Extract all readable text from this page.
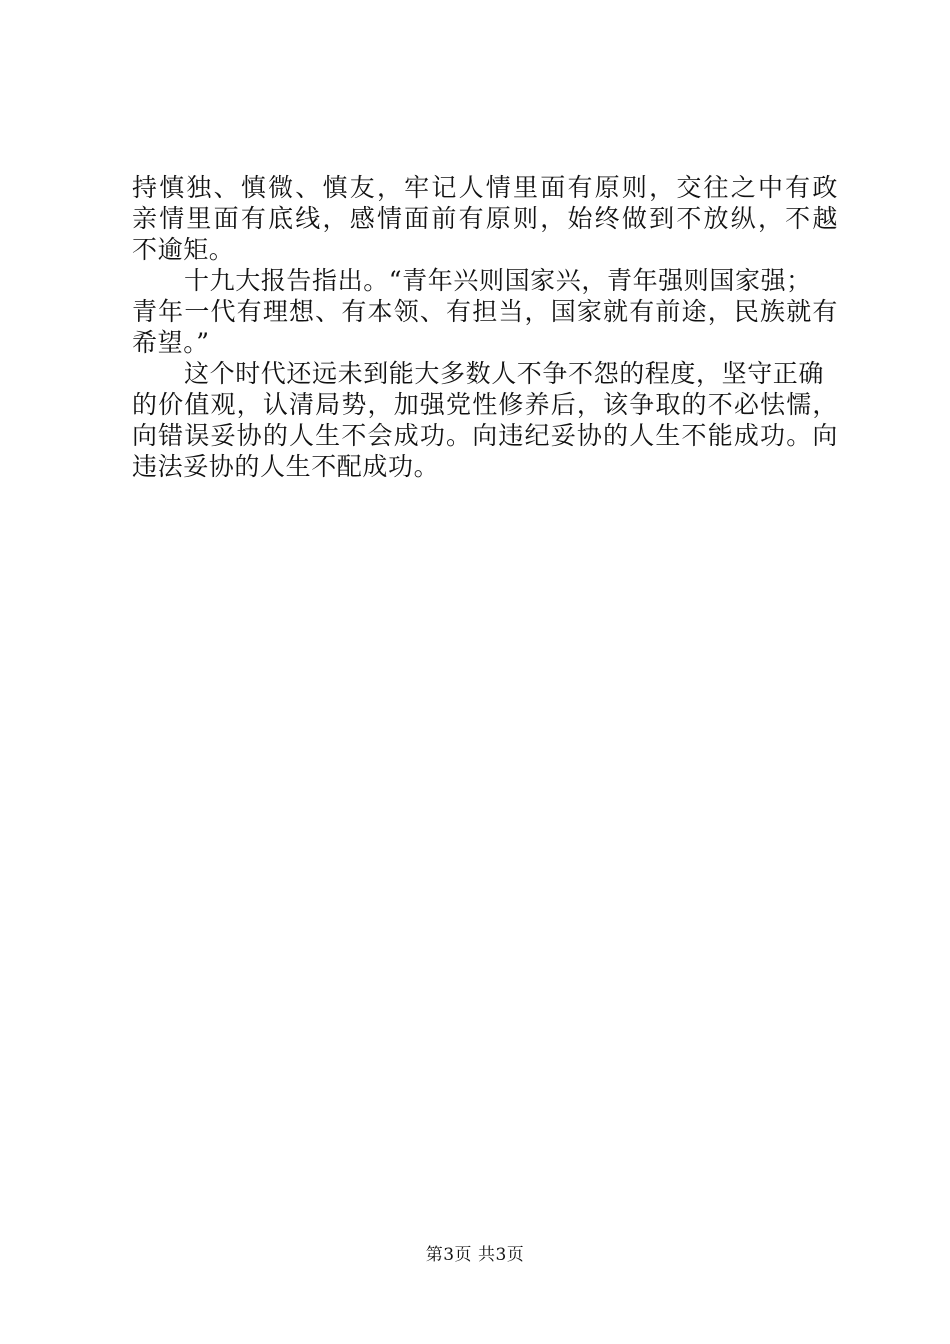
持慎独、慎微、慎友，牢记人情里面有原则，交往之中有政
亲情里面有底线，感情面前有原则，始终做到不放纵，不越
不逾矩。
十九大报告指出。“青年兴则国家兴，青年强则国家强；
青年一代有理想、有本领、有担当，国家就有前途，民族就有
希望。”
这个时代还远未到能大多数人不争不怨的程度，坚守正确
的价值观，认清局势，加强党性修养后，该争取的不必怯懦，
向错误妥协的人生不会成功。向违纪妥协的人生不能成功。向
违法妥协的人生不配成功。
第3页 共3页
